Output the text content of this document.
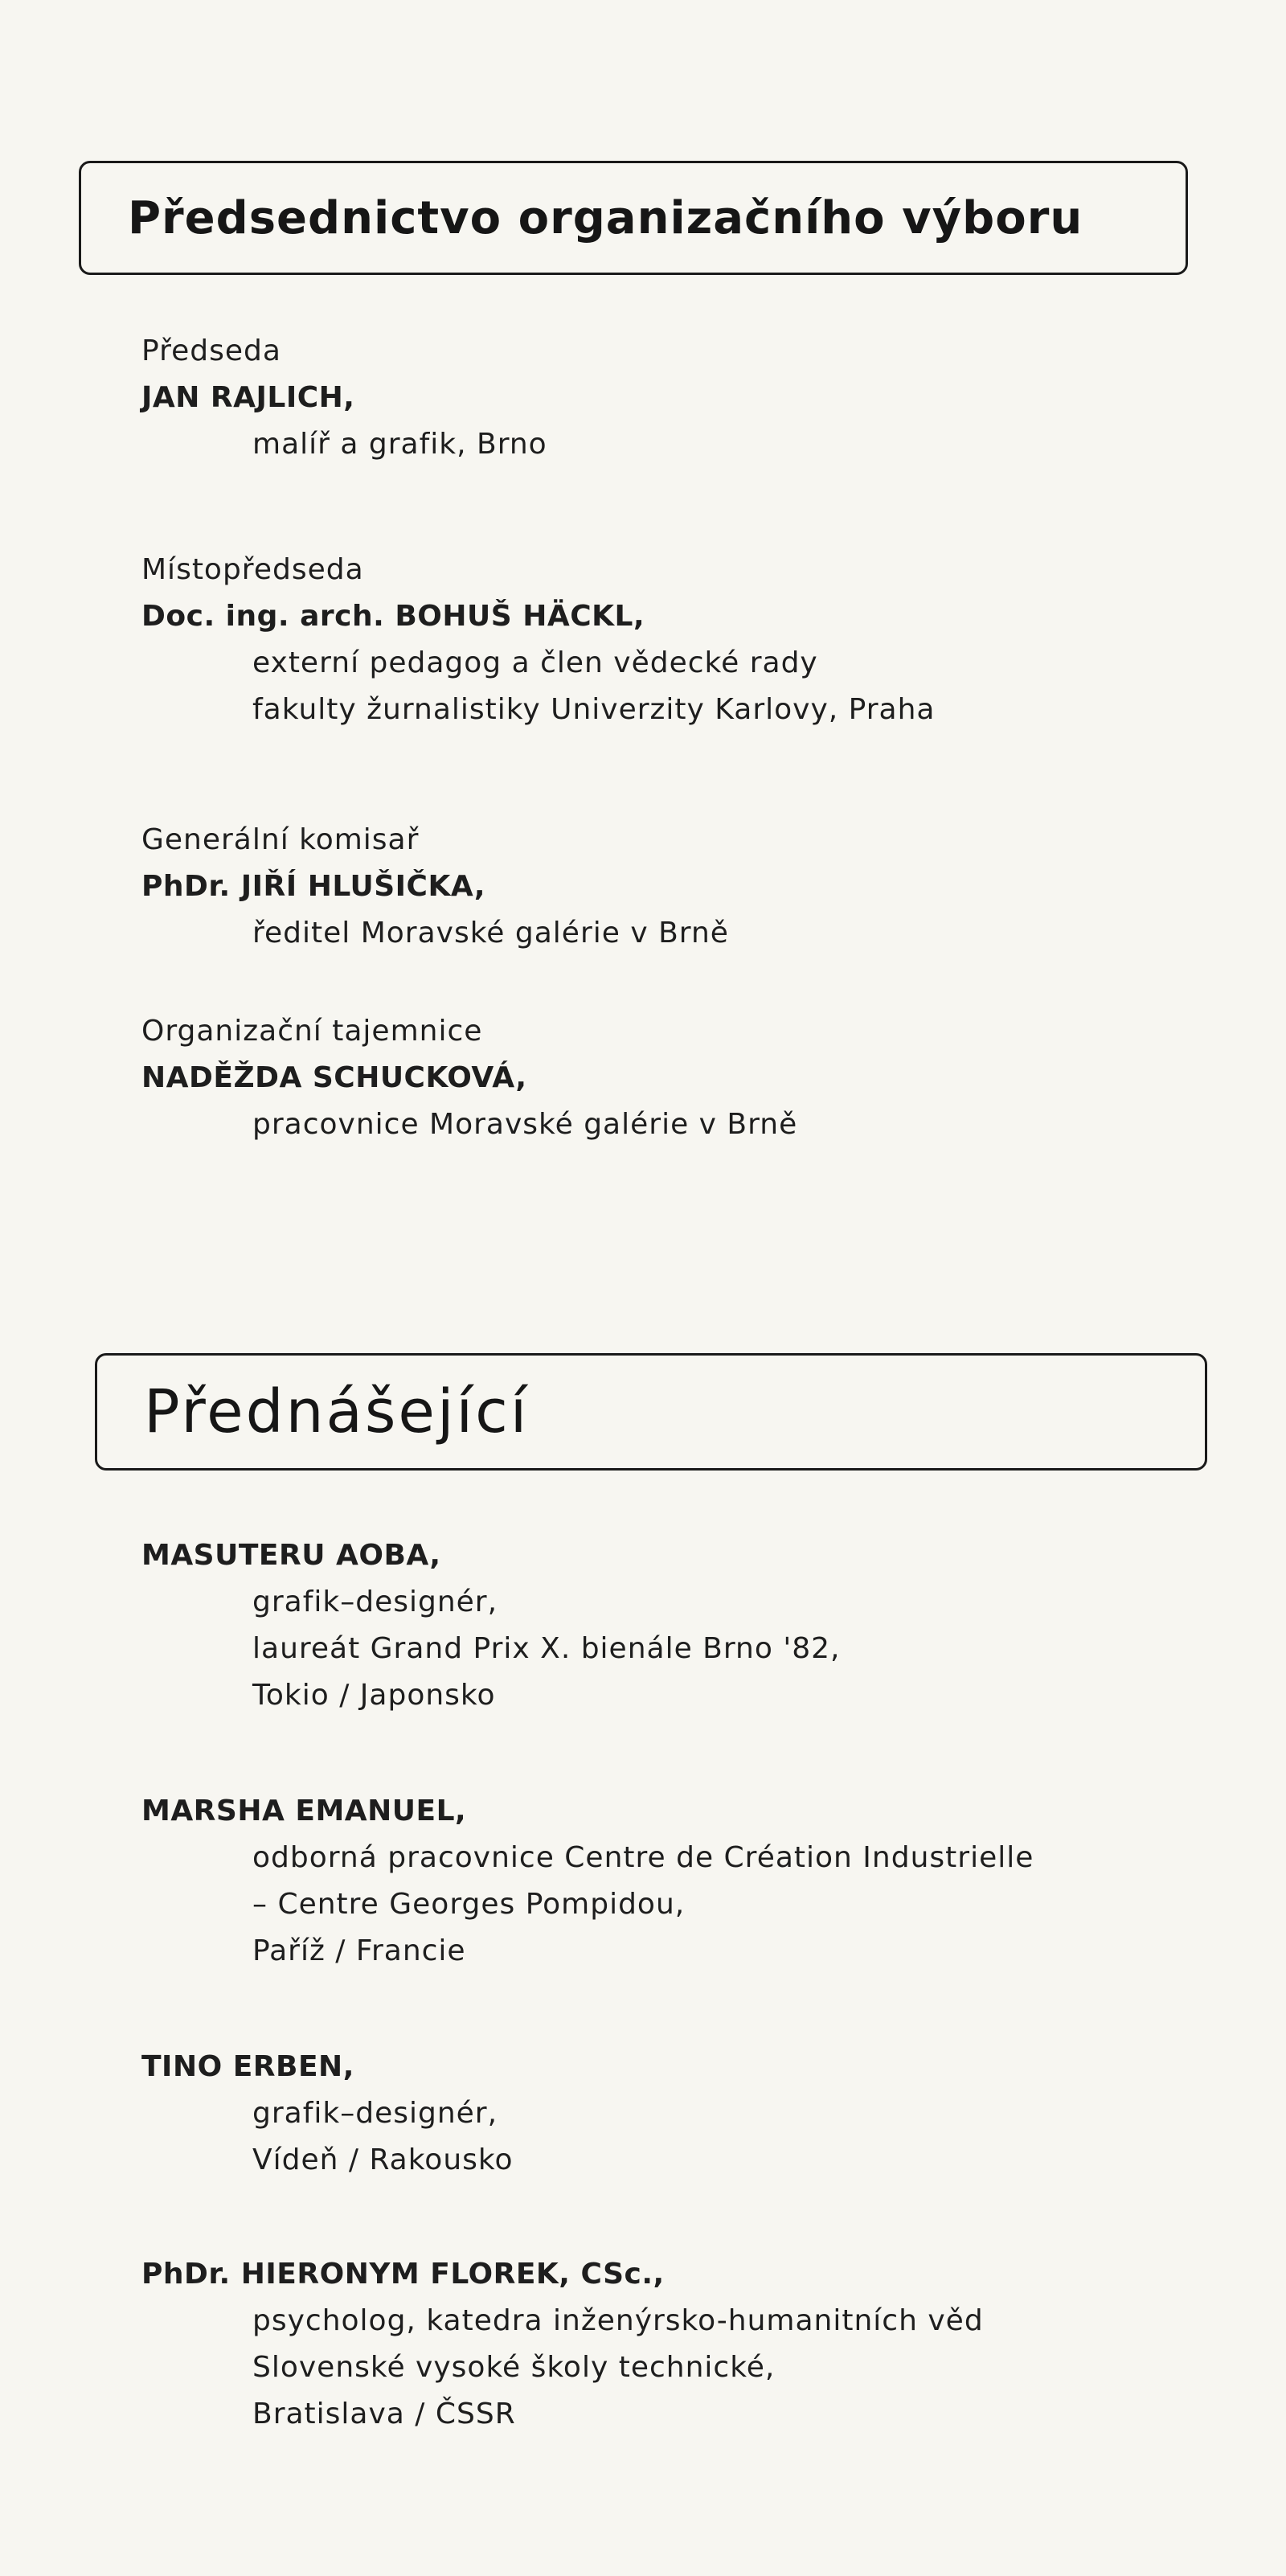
Předsednictvo organizačního výboru
Předseda
JAN RAJLICH,
malíř a grafik, Brno
Místopředseda
Doc. ing. arch. BOHUŠ HÄCKL,
externí pedagog a člen vědecké rady
fakulty žurnalistiky Univerzity Karlovy, Praha
Generální komisař
PhDr. JIŘÍ HLUŠIČKA,
ředitel Moravské galérie v Brně
Organizační tajemnice
NADĚŽDA SCHUCKOVÁ,
pracovnice Moravské galérie v Brně
Přednášející
MASUTERU AOBA,
grafik–designér,
laureát Grand Prix X. bienále Brno '82,
Tokio / Japonsko
MARSHA EMANUEL,
odborná pracovnice Centre de Création Industrielle
– Centre Georges Pompidou,
Paříž / Francie
TINO ERBEN,
grafik–designér,
Vídeň / Rakousko
PhDr. HIERONYM FLOREK, CSc.,
psycholog, katedra inženýrsko-humanitních věd
Slovenské vysoké školy technické,
Bratislava / ČSSR
